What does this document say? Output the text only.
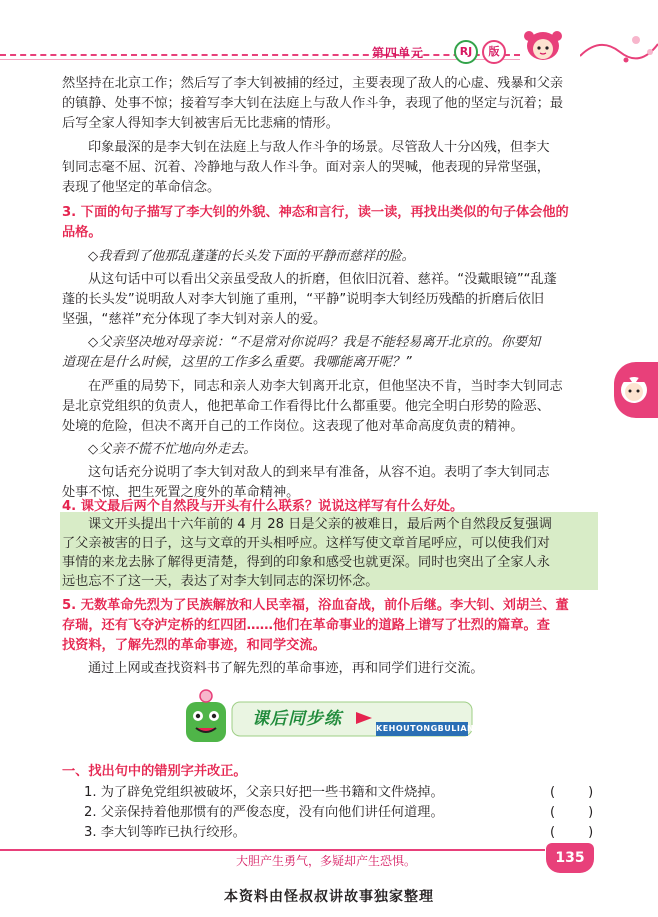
第四单元	RJ	版
然坚持在北京工作；然后写了李大钊被捕的经过，主要表现了敌人的心虚、残暴和父亲
的镇静、处事不惊；接着写李大钊在法庭上与敌人作斗争，表现了他的坚定与沉着；最
后写全家人得知李大钊被害后无比悲痛的情形。
印象最深的是李大钊在法庭上与敌人作斗争的场景。尽管敌人十分凶残，但李大
钊同志毫不屈、沉着、冷静地与敌人作斗争。面对亲人的哭喊，他表现的异常坚强，
表现了他坚定的革命信念。
3. 下面的句子描写了李大钊的外貌、神态和言行，读一读，再找出类似的句子体会他的
品格。
◇我看到了他那乱蓬蓬的长头发下面的平静而慈祥的脸。
从这句话中可以看出父亲虽受敌人的折磨，但依旧沉着、慈祥。“没戴眼镜”“乱蓬
蓬的长头发”说明敌人对李大钊施了重刑，“平静”说明李大钊经历残酷的折磨后依旧
坚强，“慈祥”充分体现了李大钊对亲人的爱。
◇父亲坚决地对母亲说：“不是常对你说吗？我是不能轻易离开北京的。你要知
道现在是什么时候，这里的工作多么重要。我哪能离开呢？”
在严重的局势下，同志和亲人劝李大钊离开北京，但他坚决不肯，当时李大钊同志
是北京党组织的负责人，他把革命工作看得比什么都重要。他完全明白形势的险恶、
处境的危险，但决不离开自己的工作岗位。这表现了他对革命高度负责的精神。
◇父亲不慌不忙地向外走去。
这句话充分说明了李大钊对敌人的到来早有准备，从容不迫。表明了李大钊同志
处事不惊、把生死置之度外的革命精神。
4. 课文最后两个自然段与开头有什么联系？说说这样写有什么好处。
课文开头提出十六年前的 4 月 28 日是父亲的被难日，最后两个自然段反复强调
了父亲被害的日子，这与文章的开头相呼应。这样写使文章首尾呼应，可以使我们对
事情的来龙去脉了解得更清楚，得到的印象和感受也就更深。同时也突出了全家人永
远也忘不了这一天，表达了对李大钊同志的深切怀念。
5. 无数革命先烈为了民族解放和人民幸福，浴血奋战，前仆后继。李大钊、刘胡兰、董
存瑞，还有飞夺泸定桥的红四团……他们在革命事业的道路上谱写了壮烈的篇章。查
找资料，了解先烈的革命事迹，和同学交流。
通过上网或查找资料书了解先烈的革命事迹，再和同学们进行交流。
课后同步练	KEHOUTONGBULIAN
一、找出句中的错别字并改正。
1. 为了辟免党组织被破坏，父亲只好把一些书籍和文件烧掉。	(        )
2. 父亲保持着他那惯有的严俊态度，没有向他们讲任何道理。	(        )
3. 李大钊等昨已执行绞形。	(        )
大胆产生勇气，多疑却产生恐惧。	135
本资料由怪叔叔讲故事独家整理
